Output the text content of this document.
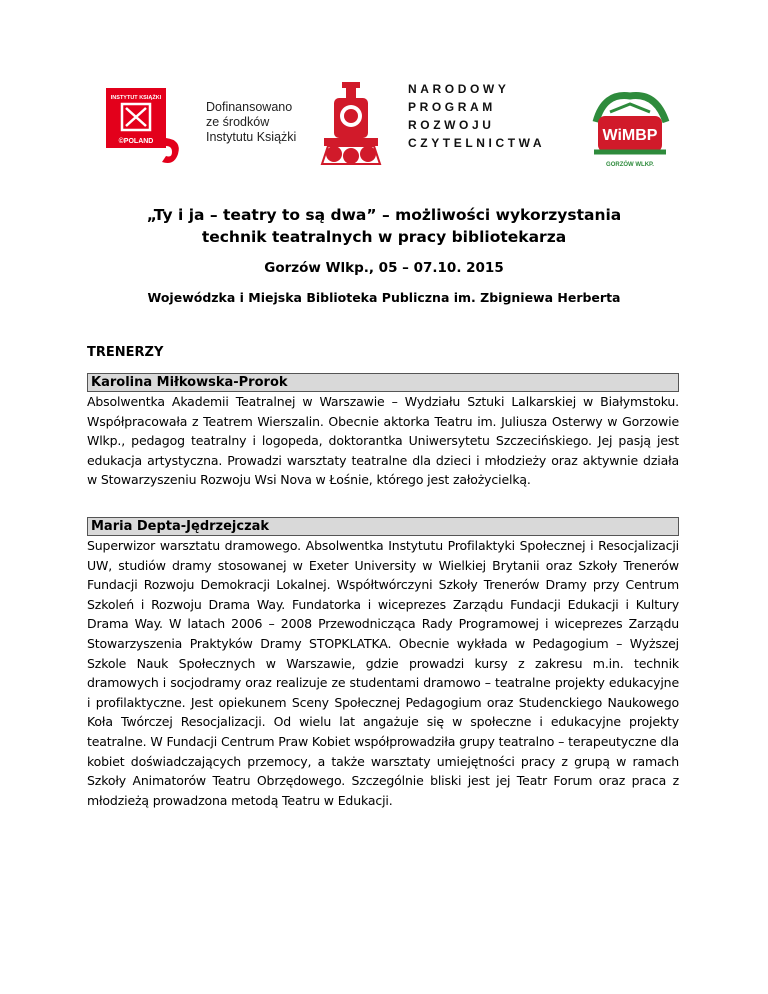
INSTYTUT KSIĄŻKI
©POLAND
Dofinansowano
ze środków
Instytutu Książki
NARODOWY
PROGRAM
ROZWOJU
CZYTELNICTWA	WiMBP
GORZÓW WLKP.
„Ty i ja – teatry to są dwa” – możliwości wykorzystania
technik teatralnych w pracy bibliotekarza
Gorzów Wlkp., 05 – 07.10. 2015
Wojewódzka i Miejska Biblioteka Publiczna im. Zbigniewa Herberta
TRENERZY
Karolina Miłkowska-Prorok

Absolwentka Akademii Teatralnej w Warszawie – Wydziału Sztuki Lalkarskiej w Białymstoku. Współpracowała z Teatrem Wierszalin. Obecnie aktorka Teatru im. Juliusza Osterwy w Gorzowie Wlkp., pedagog teatralny i logopeda, doktorantka Uniwersytetu Szczecińskiego. Jej pasją jest edukacja artystyczna. Prowadzi warsztaty teatralne dla dzieci i młodzieży oraz aktywnie działa w Stowarzyszeniu Rozwoju Wsi Nova w Łośnie, którego jest założycielką.

Maria Depta-Jędrzejczak

Superwizor warsztatu dramowego. Absolwentka Instytutu Profilaktyki Społecznej i Resocjalizacji UW, studiów dramy stosowanej w Exeter University w Wielkiej Brytanii oraz Szkoły Trenerów Fundacji Rozwoju Demokracji Lokalnej. Współtwórczyni Szkoły Trenerów Dramy przy Centrum Szkoleń i Rozwoju Drama Way. Fundatorka i wiceprezes Zarządu Fundacji Edukacji i Kultury Drama Way. W latach 2006 – 2008 Przewodnicząca Rady Programowej i wiceprezes Zarządu Stowarzyszenia Praktyków Dramy STOPKLATKA. Obecnie wykłada w Pedagogium – Wyższej Szkole Nauk Społecznych w Warszawie, gdzie prowadzi kursy z zakresu m.in. technik dramowych i socjodramy oraz realizuje ze studentami dramowo – teatralne projekty edukacyjne i profilaktyczne. Jest opiekunem Sceny Społecznej Pedagogium oraz Studenckiego Naukowego Koła Twórczej Resocjalizacji. Od wielu lat angażuje się w społeczne i edukacyjne projekty teatralne. W Fundacji Centrum Praw Kobiet współprowadziła grupy teatralno – terapeutyczne dla kobiet doświadczających przemocy, a także warsztaty umiejętności pracy z grupą w ramach Szkoły Animatorów Teatru Obrzędowego. Szczególnie bliski jest jej Teatr Forum oraz praca z młodzieżą prowadzona metodą Teatru w Edukacji.
